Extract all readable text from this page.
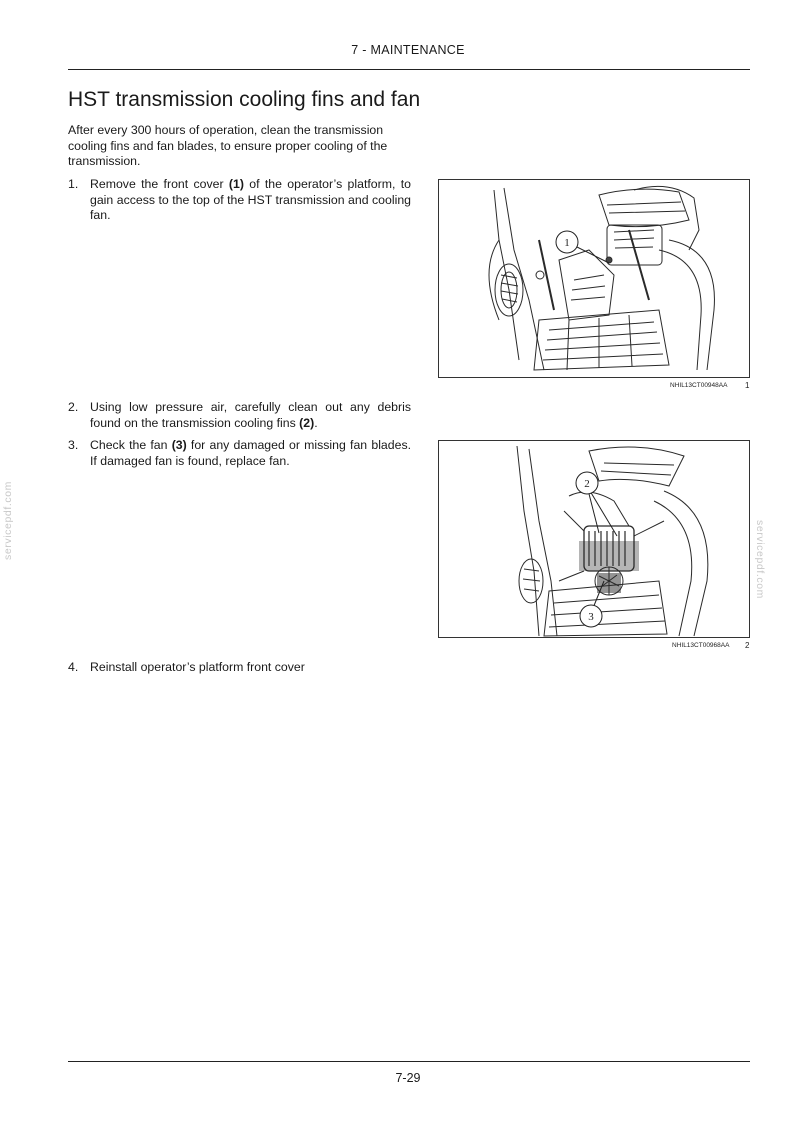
7 - MAINTENANCE
HST transmission cooling fins and fan

After every 300 hours of operation, clean the transmission cooling fins and fan blades, to ensure proper cooling of the transmission.

1. Remove the front cover (1) of the operator’s platform, to gain access to the top of the HST transmission and cooling fan.
2. Using low pressure air, carefully clean out any debris found on the transmission cooling fins (2).
3. Check the fan (3) for any damaged or missing fan blades. If damaged fan is found, replace fan.
4. Reinstall operator’s platform front cover
1
NHIL13CT00948AA 1
2
3
NHIL13CT00968AA 2
servicepdf.com	servicepdf.com
7-29
